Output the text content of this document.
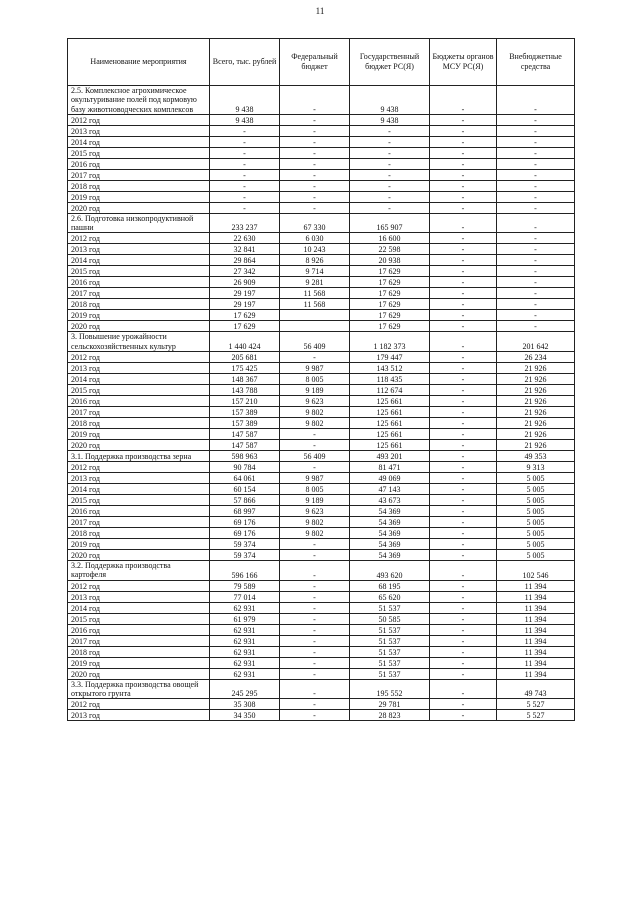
11
Наименование мероприятия	Всего, тыс. рублей	Федеральный бюджет	Государственный бюджет РС(Я)	Бюджеты органов МСУ РС(Я)	Внебюджетные средства
2.5. Комплексное агрохимическое окультуривание полей под кормовую базу животноводческих комплексов	9 438	-	9 438	-	-
2012 год	9 438	-	9 438	-	-
2013 год	-	-	-	-	-
2014 год	-	-	-	-	-
2015 год	-	-	-	-	-
2016 год	-	-	-	-	-
2017 год	-	-	-	-	-
2018 год	-	-	-	-	-
2019 год	-	-	-	-	-
2020 год	-	-	-	-	-
2.6. Подготовка низкопродуктивной пашни	233 237	67 330	165 907	-	-
2012 год	22 630	6 030	16 600	-	-
2013 год	32 841	10 243	22 598	-	-
2014 год	29 864	8 926	20 938	-	-
2015 год	27 342	9 714	17 629	-	-
2016 год	26 909	9 281	17 629	-	-
2017 год	29 197	11 568	17 629	-	-
2018 год	29 197	11 568	17 629	-	-
2019 год	17 629		17 629	-	-
2020 год	17 629		17 629	-	-
3. Повышение урожайности сельскохозяйственных культур	1 440 424	56 409	1 182 373	-	201 642
2012 год	205 681	-	179 447	-	26 234
2013 год	175 425	9 987	143 512	-	21 926
2014 год	148 367	8 005	118 435	-	21 926
2015 год	143 788	9 189	112 674	-	21 926
2016 год	157 210	9 623	125 661	-	21 926
2017 год	157 389	9 802	125 661	-	21 926
2018 год	157 389	9 802	125 661	-	21 926
2019 год	147 587	-	125 661	-	21 926
2020 год	147 587	-	125 661	-	21 926
3.1. Поддержка производства зерна	598 963	56 409	493 201	-	49 353
2012 год	90 784	-	81 471	-	9 313
2013 год	64 061	9 987	49 069	-	5 005
2014 год	60 154	8 005	47 143	-	5 005
2015 год	57 866	9 189	43 673	-	5 005
2016 год	68 997	9 623	54 369	-	5 005
2017 год	69 176	9 802	54 369	-	5 005
2018 год	69 176	9 802	54 369	-	5 005
2019 год	59 374	-	54 369	-	5 005
2020 год	59 374	-	54 369	-	5 005
3.2. Поддержка производства картофеля	596 166	-	493 620	-	102 546
2012 год	79 589	-	68 195	-	11 394
2013 год	77 014	-	65 620	-	11 394
2014 год	62 931	-	51 537	-	11 394
2015 год	61 979	-	50 585	-	11 394
2016 год	62 931	-	51 537	-	11 394
2017 год	62 931	-	51 537	-	11 394
2018 год	62 931	-	51 537	-	11 394
2019 год	62 931	-	51 537	-	11 394
2020 год	62 931	-	51 537	-	11 394
3.3. Поддержка производства овощей открытого грунта	245 295	-	195 552	-	49 743
2012 год	35 308	-	29 781	-	5 527
2013 год	34 350	-	28 823	-	5 527
